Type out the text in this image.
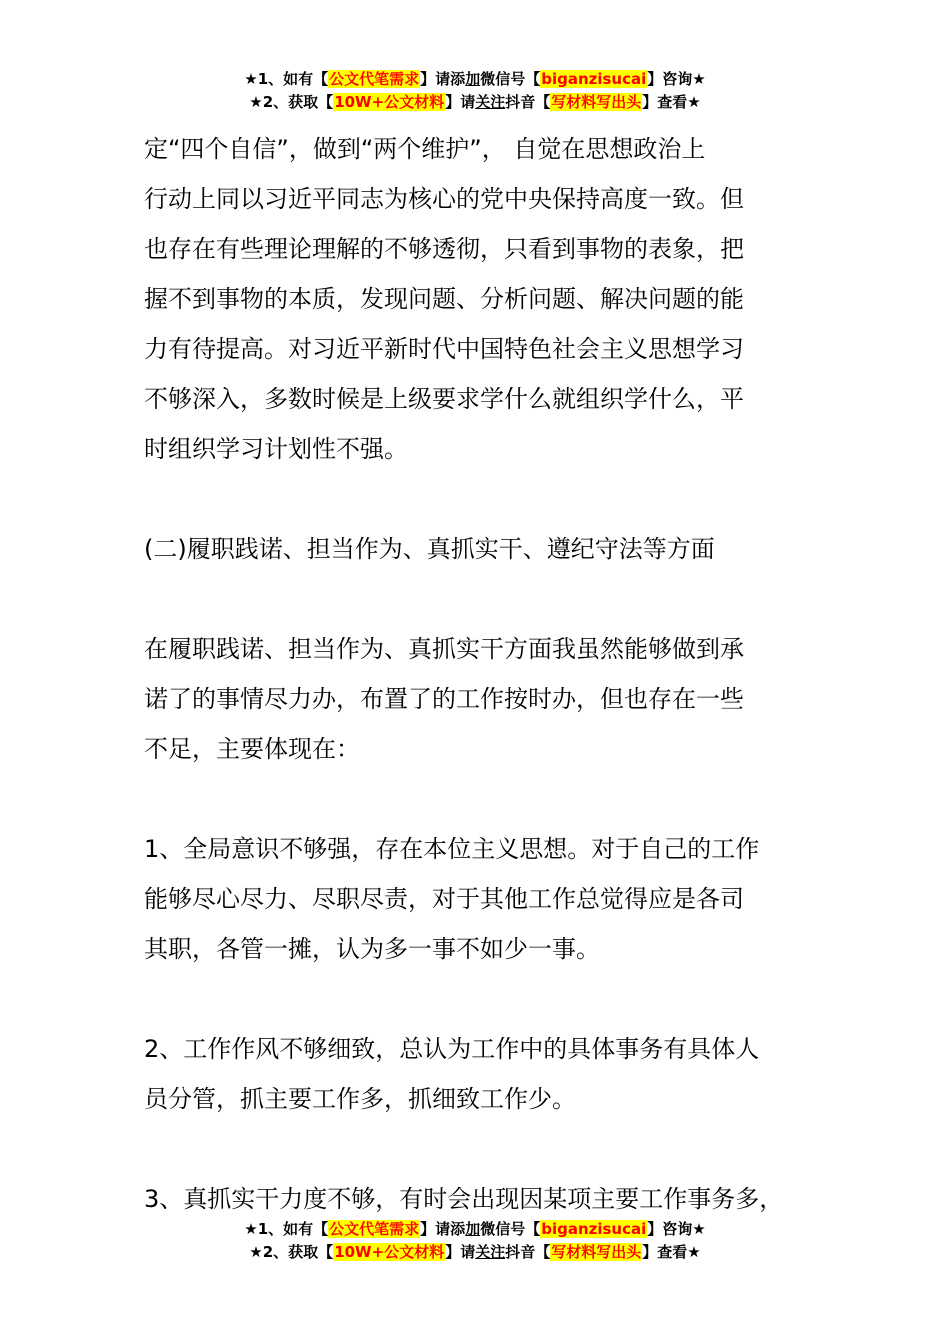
★1、如有【公文代笔需求】请添加微信号【biganzisucai】咨询★
★2、获取【10W+公文材料】请关注抖音【写材料写出头】查看★
定“四个自信”，做到“两个维护”， 自觉在思想政治上
行动上同以习近平同志为核心的党中央保持高度一致。但
也存在有些理论理解的不够透彻，只看到事物的表象，把
握不到事物的本质，发现问题、分析问题、解决问题的能
力有待提高。对习近平新时代中国特色社会主义思想学习
不够深入，多数时候是上级要求学什么就组织学什么，平
时组织学习计划性不强。
(二)履职践诺、担当作为、真抓实干、遵纪守法等方面
在履职践诺、担当作为、真抓实干方面我虽然能够做到承
诺了的事情尽力办，布置了的工作按时办，但也存在一些
不足，主要体现在：
1、全局意识不够强，存在本位主义思想。对于自己的工作
能够尽心尽力、尽职尽责，对于其他工作总觉得应是各司
其职，各管一摊，认为多一事不如少一事。
2、工作作风不够细致，总认为工作中的具体事务有具体人
员分管，抓主要工作多，抓细致工作少。
3、真抓实干力度不够，有时会出现因某项主要工作事务多，
★1、如有【公文代笔需求】请添加微信号【biganzisucai】咨询★
★2、获取【10W+公文材料】请关注抖音【写材料写出头】查看★
